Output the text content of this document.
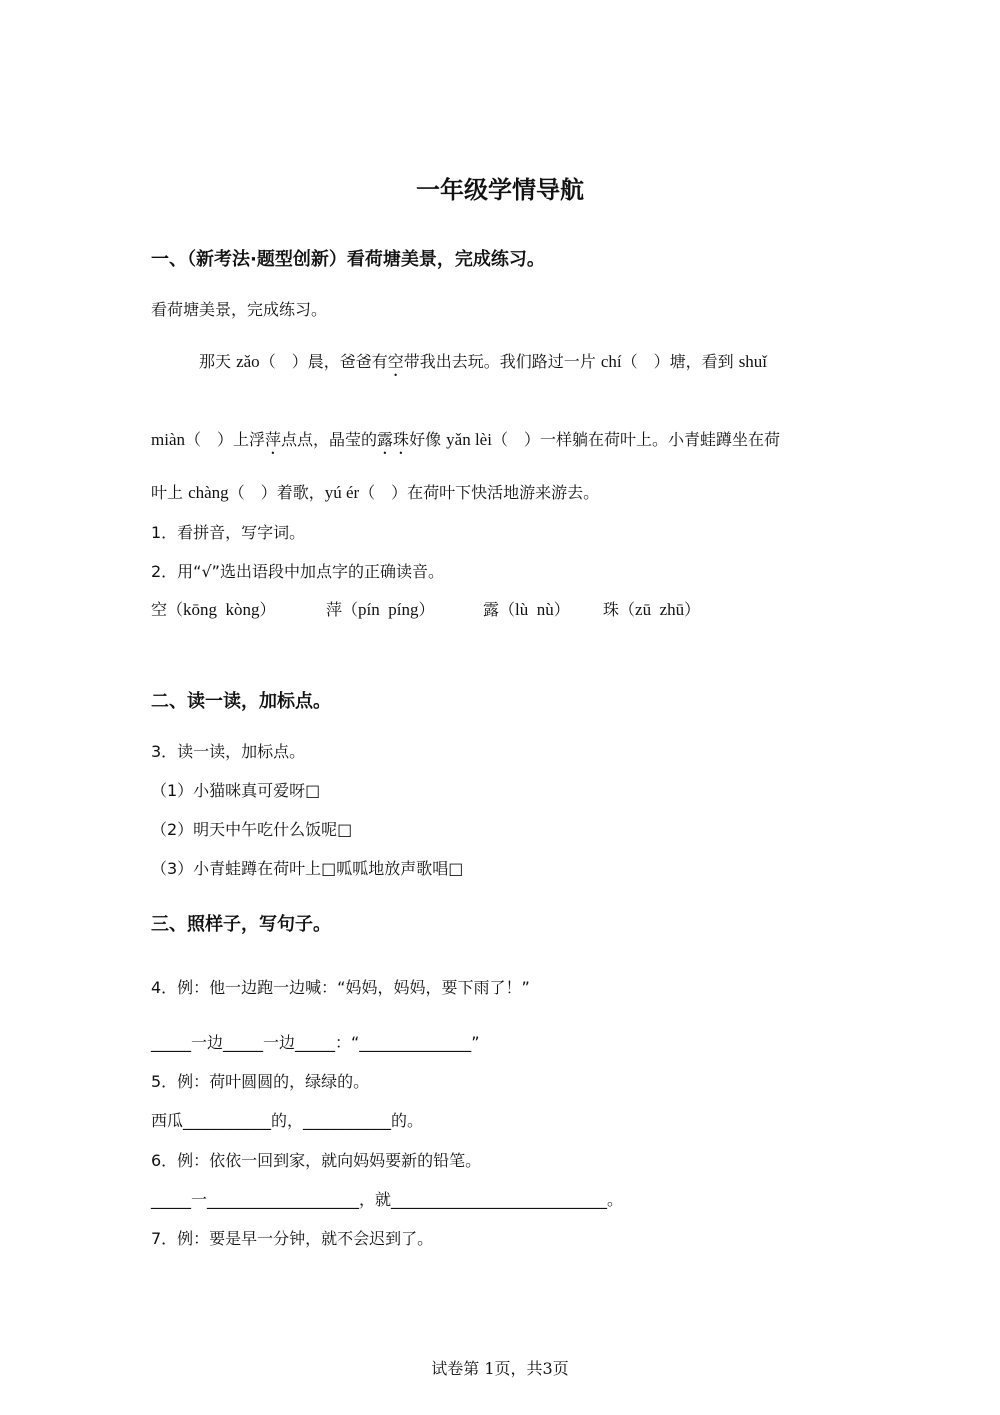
一年级学情导航
一、（新考法·题型创新）看荷塘美景，完成练习。
看荷塘美景，完成练习。
那天 zǎo（　）晨，爸爸有空带我出去玩。我们路过一片 chí（　）塘，看到 shuǐ
miàn（　）上浮萍点点，晶莹的露珠好像 yǎn lèi（　）一样躺在荷叶上。小青蛙蹲坐在荷
叶上 chàng（　）着歌，yú ér（　）在荷叶下快活地游来游去。
1．看拼音，写字词。
2．用“√”选出语段中加点字的正确读音。
空（kōng  kòng）	萍（pín  píng）	露（lù  nù） 珠（zū  zhū）
二、读一读，加标点。
3．读一读，加标点。
（1）小猫咪真可爱呀□
（2）明天中午吃什么饭呢□
（3）小青蛙蹲在荷叶上□呱呱地放声歌唱□
三、照样子，写句子。
4．例：他一边跑一边喊：“妈妈，妈妈，要下雨了！”
_____一边_____一边_____：“______________”
5．例：荷叶圆圆的，绿绿的。
西瓜___________的，___________的。
6．例：依依一回到家，就向妈妈要新的铅笔。
_____一___________________，就___________________________。
7．例：要是早一分钟，就不会迟到了。
试卷第 1页，共3页
